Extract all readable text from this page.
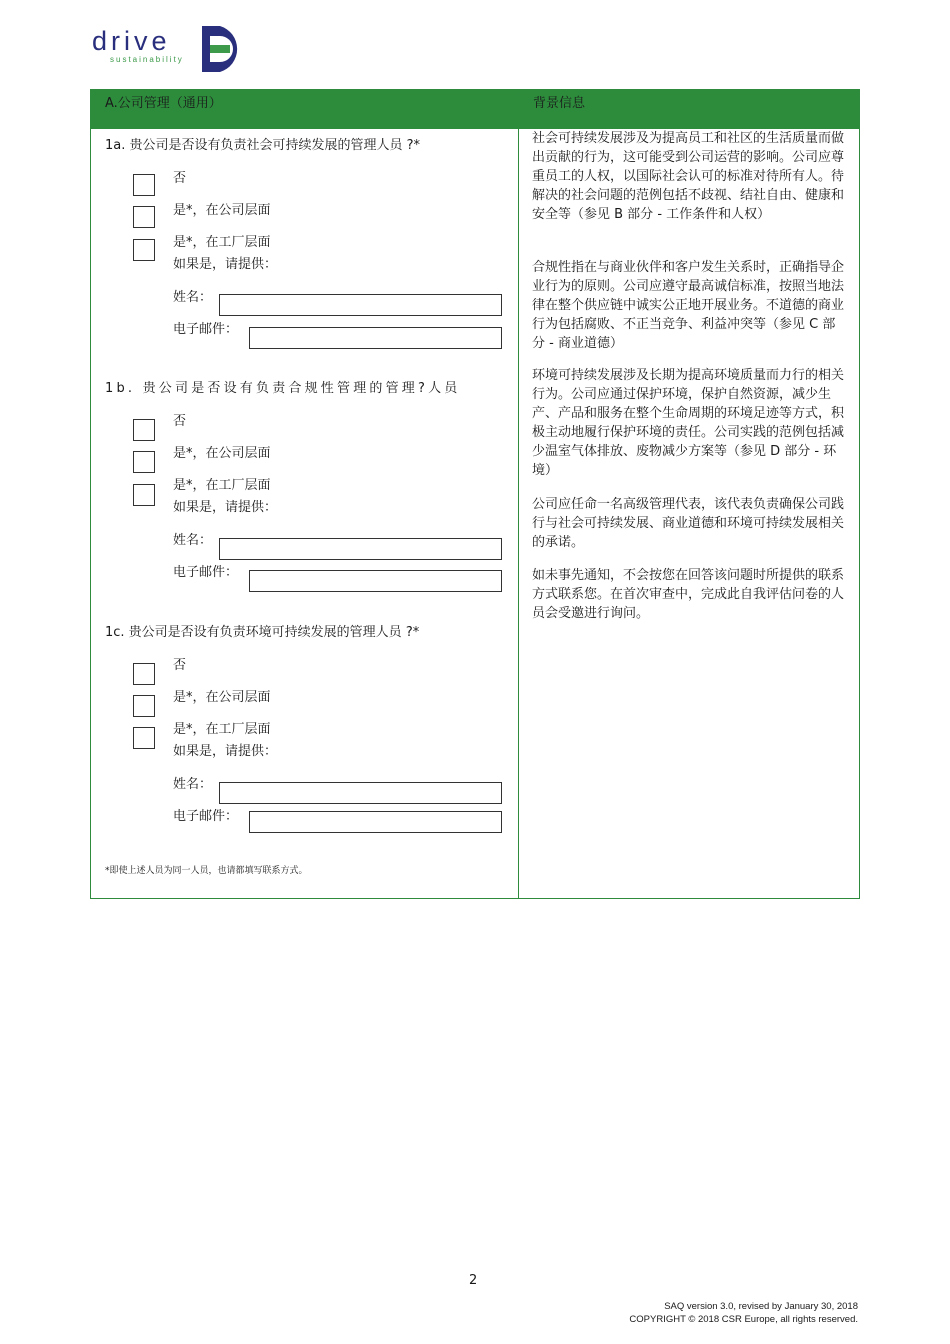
drive
sustainability
A.公司管理（通用）	背景信息
1a. 贵公司是否设有负责社会可持续发展的管理人员 ?*
否
是*，在公司层面
是*，在工厂层面
如果是，请提供：
姓名：
电子邮件：
1b. 贵公司是否设有负责合规性管理的管理?人员
否
是*，在公司层面
是*，在工厂层面
如果是，请提供：
姓名：
电子邮件：
1c. 贵公司是否设有负责环境可持续发展的管理人员 ?*
否
是*，在公司层面
是*，在工厂层面
如果是，请提供：
姓名：
电子邮件：
*即使上述人员为同一人员，也请都填写联系方式。

社会可持续发展涉及为提高员工和社区的生活质量而做出贡献的行为，这可能受到公司运营的影响。公司应尊重员工的人权，以国际社会认可的标准对待所有人。待解决的社会问题的范例包括不歧视、结社自由、健康和安全等（参见 B 部分 - 工作条件和人权）

合规性指在与商业伙伴和客户发生关系时，正确指导企业行为的原则。公司应遵守最高诚信标准，按照当地法律在整个供应链中诚实公正地开展业务。不道德的商业行为包括腐败、不正当竞争、利益冲突等（参见 C 部分 - 商业道德）

环境可持续发展涉及长期为提高环境质量而力行的相关行为。公司应通过保护环境，保护自然资源，减少生产、产品和服务在整个生命周期的环境足迹等方式，积极主动地履行保护环境的责任。公司实践的范例包括减少温室气体排放、废物减少方案等（参见 D 部分 - 环境）

公司应任命一名高级管理代表，该代表负责确保公司践行与社会可持续发展、商业道德和环境可持续发展相关的承诺。

如未事先通知，不会按您在回答该问题时所提供的联系方式联系您。在首次审查中，完成此自我评估问卷的人员会受邀进行询问。

2
SAQ version 3.0, revised by January 30, 2018
COPYRIGHT © 2018 CSR Europe, all rights reserved.
